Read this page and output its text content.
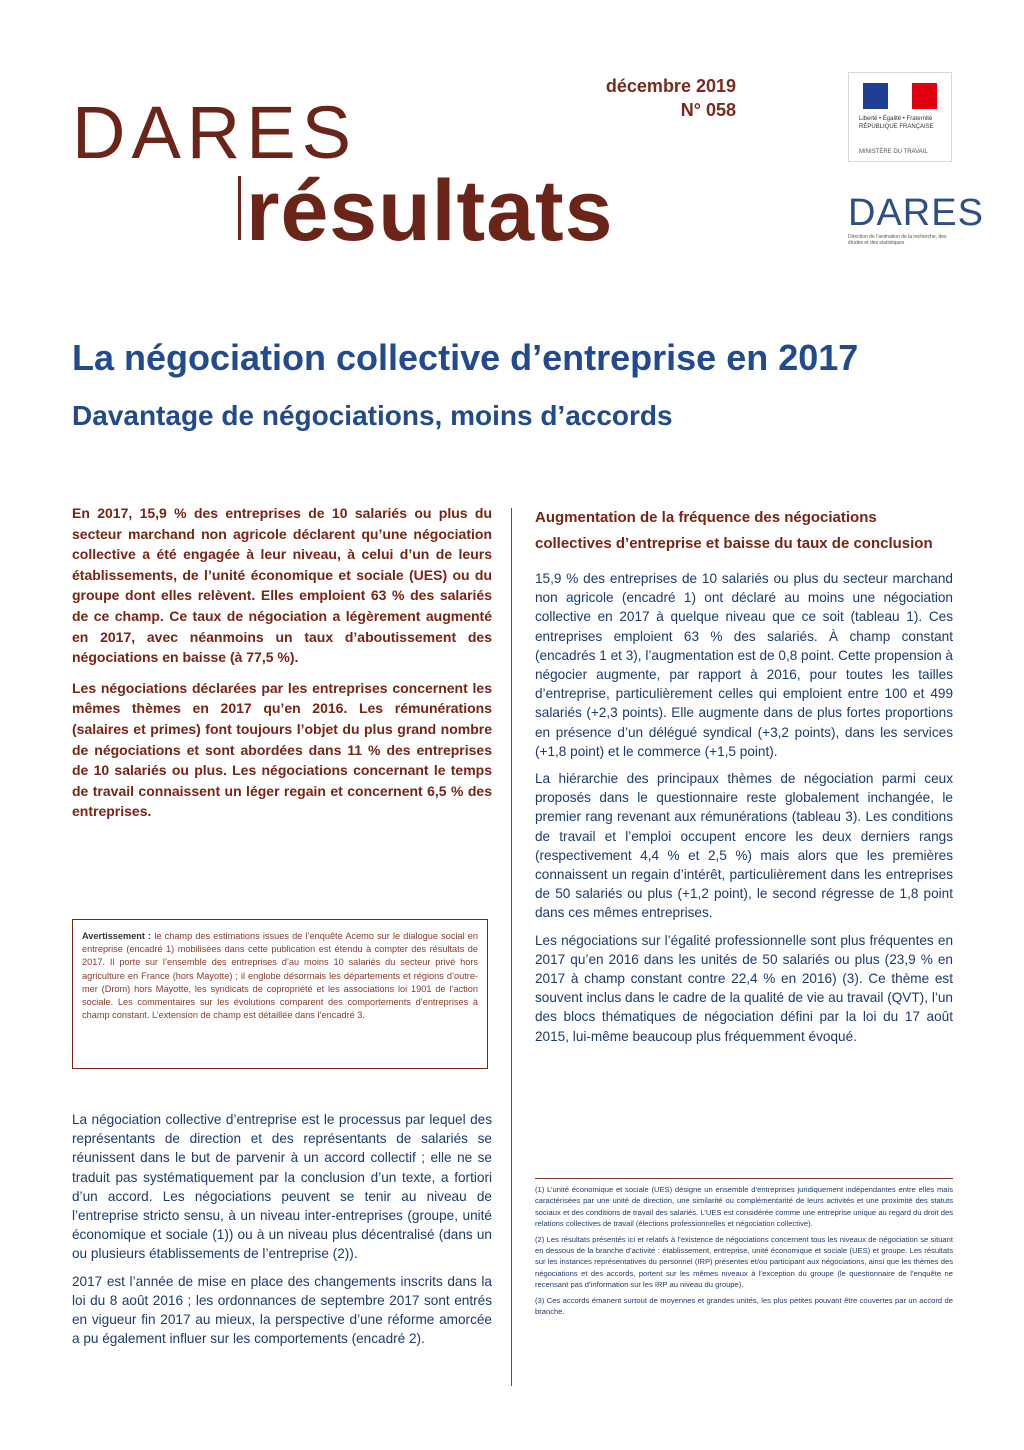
DARES
résultats
décembre 2019
N° 058	Liberté • Égalité • Fraternité RÉPUBLIQUE FRANÇAISE
MINISTÈRE DU TRAVAIL
DARES
Direction de l'animation de la recherche, des études et des statistiques
La négociation collective d’entreprise en 2017
Davantage de négociations, moins d’accords

En 2017, 15,9 % des entreprises de 10 salariés ou plus du secteur marchand non agricole déclarent qu’une négociation collective a été engagée à leur niveau, à celui d’un de leurs établissements, de l’unité économique et sociale (UES) ou du groupe dont elles relèvent. Elles emploient 63 % des salariés de ce champ. Ce taux de négociation a légèrement augmenté en 2017, avec néanmoins un taux d’aboutissement des négociations en baisse (à 77,5 %).

Les négociations déclarées par les entreprises concernent les mêmes thèmes en 2017 qu’en 2016. Les rémunérations (salaires et primes) font toujours l’objet du plus grand nombre de négociations et sont abordées dans 11 % des entreprises de 10 salariés ou plus. Les négociations concernant le temps de travail connaissent un léger regain et concernent 6,5 % des entreprises.

Avertissement : le champ des estimations issues de l’enquête Acemo sur le dialogue social en entreprise (encadré 1) mobilisées dans cette publication est étendu à compter des résultats de 2017. Il porte sur l’ensemble des entreprises d’au moins 10 salariés du secteur privé hors agriculture en France (hors Mayotte) ; il englobe désormais les départements et régions d’outre-mer (Drom) hors Mayotte, les syndicats de copropriété et les associations loi 1901 de l’action sociale. Les commentaires sur les évolutions comparent des comportements d’entreprises à champ constant. L’extension de champ est détaillée dans l’encadré 3.

La négociation collective d’entreprise est le processus par lequel des représentants de direction et des représentants de salariés se réunissent dans le but de parvenir à un accord collectif ; elle ne se traduit pas systématiquement par la conclusion d’un texte, a fortiori d’un accord. Les négociations peuvent se tenir au niveau de l’entreprise stricto sensu, à un niveau inter-entreprises (groupe, unité économique et sociale (1)) ou à un niveau plus décentralisé (dans un ou plusieurs établissements de l’entreprise (2)).

2017 est l’année de mise en place des changements inscrits dans la loi du 8 août 2016 ; les ordonnances de septembre 2017 sont entrés en vigueur fin 2017 au mieux, la perspective d’une réforme amorcée a pu également influer sur les comportements (encadré 2).

Augmentation de la fréquence des négociations collectives d’entreprise et baisse du taux de conclusion

15,9 % des entreprises de 10 salariés ou plus du secteur marchand non agricole (encadré 1) ont déclaré au moins une négociation collective en 2017 à quelque niveau que ce soit (tableau 1). Ces entreprises emploient 63 % des salariés. À champ constant (encadrés 1 et 3), l’augmentation est de 0,8 point. Cette propension à négocier augmente, par rapport à 2016, pour toutes les tailles d’entreprise, particulièrement celles qui emploient entre 100 et 499 salariés (+2,3 points). Elle augmente dans de plus fortes proportions en présence d’un délégué syndical (+3,2 points), dans les services (+1,8 point) et le commerce (+1,5 point).

La hiérarchie des principaux thèmes de négociation parmi ceux proposés dans le questionnaire reste globalement inchangée, le premier rang revenant aux rémunérations (tableau 3). Les conditions de travail et l’emploi occupent encore les deux derniers rangs (respectivement 4,4 % et 2,5 %) mais alors que les premières connaissent un regain d’intérêt, particulièrement dans les entreprises de 50 salariés ou plus (+1,2 point), le second régresse de 1,8 point dans ces mêmes entreprises.

Les négociations sur l’égalité professionnelle sont plus fréquentes en 2017 qu’en 2016 dans les unités de 50 salariés ou plus (23,9 % en 2017 à champ constant contre 22,4 % en 2016) (3). Ce thème est souvent inclus dans le cadre de la qualité de vie au travail (QVT), l’un des blocs thématiques de négociation défini par la loi du 17 août 2015, lui-même beaucoup plus fréquemment évoqué.

(1) L’unité économique et sociale (UES) désigne un ensemble d’entreprises juridiquement indépendantes entre elles mais caractérisées par une unité de direction, une similarité ou complémentarité de leurs activités et une proximité des statuts sociaux et des conditions de travail des salariés. L’UES est considérée comme une entreprise unique au regard du droit des relations collectives de travail (élections professionnelles et négociation collective).

(2) Les résultats présentés ici et relatifs à l’existence de négociations concernent tous les niveaux de négociation se situant en dessous de la branche d’activité : établissement, entreprise, unité économique et sociale (UES) et groupe. Les résultats sur les instances représentatives du personnel (IRP) présentes et/ou participant aux négociations, ainsi que les thèmes des négociations et des accords, portent sur les mêmes niveaux à l’exception du groupe (le questionnaire de l’enquête ne recensant pas d’information sur les IRP au niveau du groupe).

(3) Ces accords émanent surtout de moyennes et grandes unités, les plus petites pouvant être couvertes par un accord de branche.
